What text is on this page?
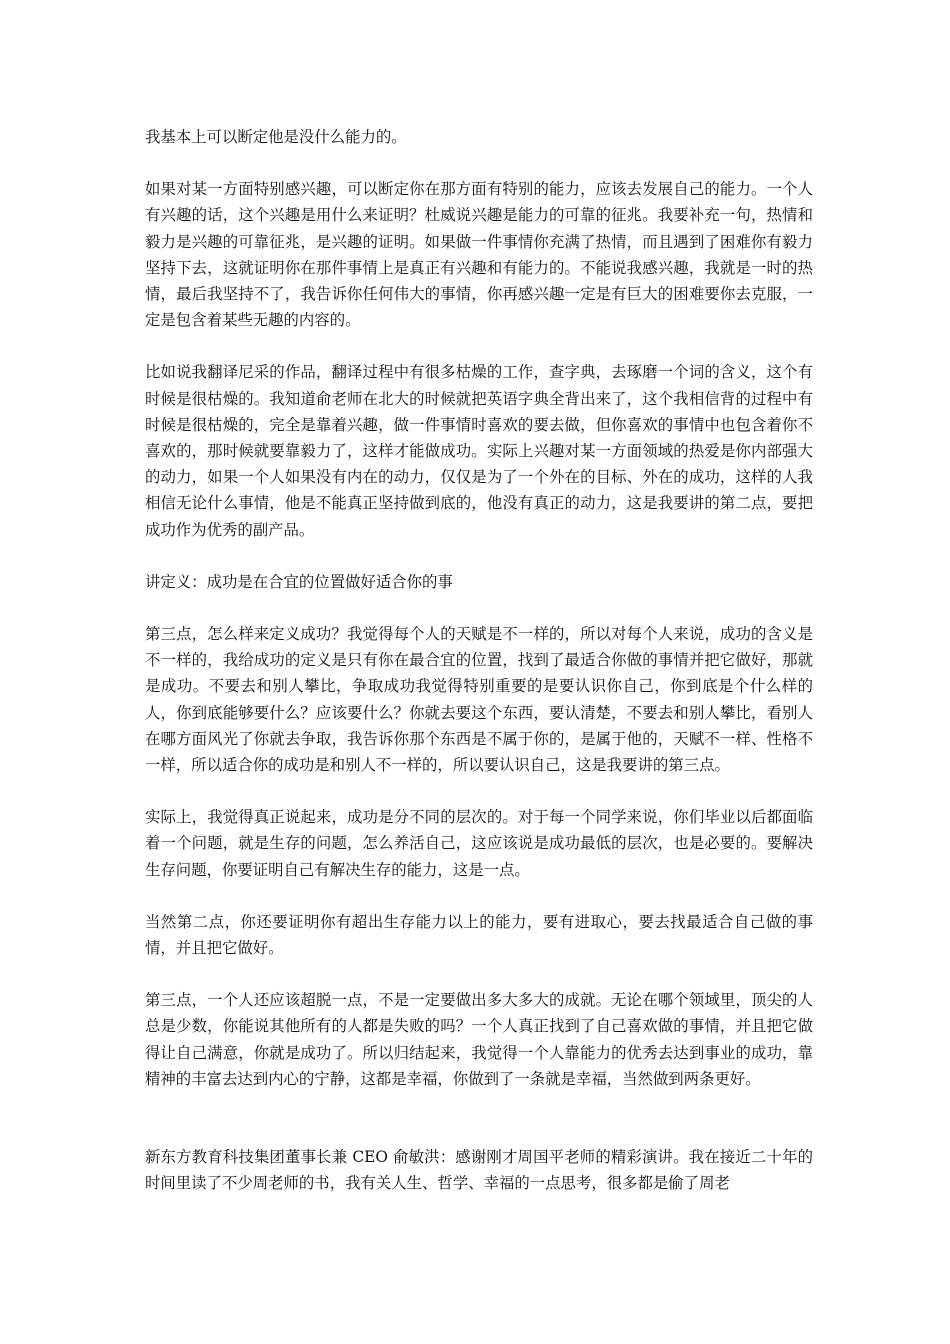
我基本上可以断定他是没什么能力的。

如果对某一方面特别感兴趣，可以断定你在那方面有特别的能力，应该去发展自己的能力。一个人有兴趣的话，这个兴趣是用什么来证明？杜威说兴趣是能力的可靠的征兆。我要补充一句，热情和毅力是兴趣的可靠征兆，是兴趣的证明。如果做一件事情你充满了热情，而且遇到了困难你有毅力坚持下去，这就证明你在那件事情上是真正有兴趣和有能力的。不能说我感兴趣，我就是一时的热情，最后我坚持不了，我告诉你任何伟大的事情，你再感兴趣一定是有巨大的困难要你去克服，一定是包含着某些无趣的内容的。

比如说我翻译尼采的作品，翻译过程中有很多枯燥的工作，查字典，去琢磨一个词的含义，这个有时候是很枯燥的。我知道俞老师在北大的时候就把英语字典全背出来了，这个我相信背的过程中有时候是很枯燥的，完全是靠着兴趣，做一件事情时喜欢的要去做，但你喜欢的事情中也包含着你不喜欢的，那时候就要靠毅力了，这样才能做成功。实际上兴趣对某一方面领域的热爱是你内部强大的动力，如果一个人如果没有内在的动力，仅仅是为了一个外在的目标、外在的成功，这样的人我相信无论什么事情，他是不能真正坚持做到底的，他没有真正的动力，这是我要讲的第二点，要把成功作为优秀的副产品。

讲定义：成功是在合宜的位置做好适合你的事

第三点，怎么样来定义成功？我觉得每个人的天赋是不一样的，所以对每个人来说，成功的含义是不一样的，我给成功的定义是只有你在最合宜的位置，找到了最适合你做的事情并把它做好，那就是成功。不要去和别人攀比，争取成功我觉得特别重要的是要认识你自己，你到底是个什么样的人，你到底能够要什么？应该要什么？你就去要这个东西，要认清楚，不要去和别人攀比，看别人在哪方面风光了你就去争取，我告诉你那个东西是不属于你的，是属于他的，天赋不一样、性格不一样，所以适合你的成功是和别人不一样的，所以要认识自己，这是我要讲的第三点。

实际上，我觉得真正说起来，成功是分不同的层次的。对于每一个同学来说，你们毕业以后都面临着一个问题，就是生存的问题，怎么养活自己，这应该说是成功最低的层次，也是必要的。要解决生存问题，你要证明自己有解决生存的能力，这是一点。

当然第二点，你还要证明你有超出生存能力以上的能力，要有进取心，要去找最适合自己做的事情，并且把它做好。

第三点，一个人还应该超脱一点，不是一定要做出多大多大的成就。无论在哪个领域里，顶尖的人总是少数，你能说其他所有的人都是失败的吗？一个人真正找到了自己喜欢做的事情，并且把它做得让自己满意，你就是成功了。所以归结起来，我觉得一个人靠能力的优秀去达到事业的成功，靠精神的丰富去达到内心的宁静，这都是幸福，你做到了一条就是幸福，当然做到两条更好。

新东方教育科技集团董事长兼 CEO 俞敏洪：感谢刚才周国平老师的精彩演讲。我在接近二十年的时间里读了不少周老师的书，我有关人生、哲学、幸福的一点思考，很多都是偷了周老
